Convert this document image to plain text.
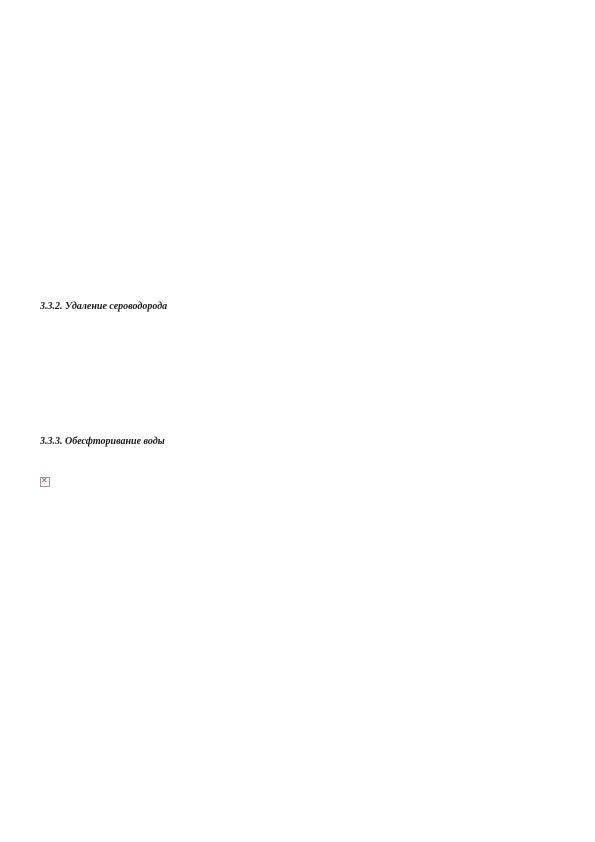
3.3.2. Удаление сероводорода

3.3.3. Обесфторивание воды

✕
